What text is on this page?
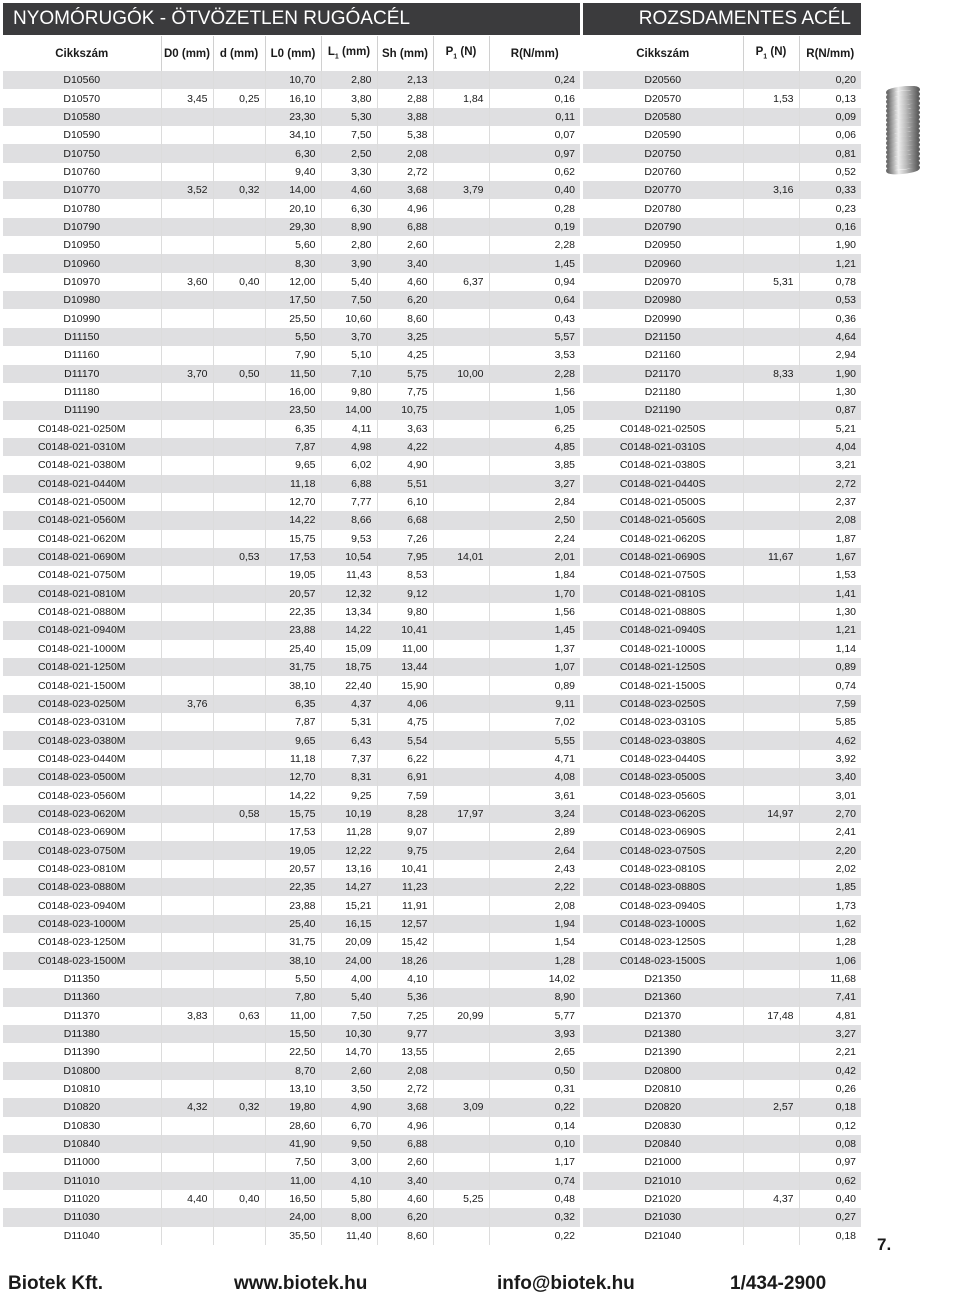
NYOMÓRUGÓK - ÖTVÖZETLEN RUGÓACÉL	ROZSDAMENTES ACÉL
Cikkszám	D0 (mm)	d (mm)	L0 (mm)	$L_1$ (mm)	Sh (mm)	$P_1$ (N)	R(N/mm)
D10560			10,70	2,80	2,13		0,24
D10570	3,45	0,25	16,10	3,80	2,88	1,84	0,16
D10580			23,30	5,30	3,88		0,11
D10590			34,10	7,50	5,38		0,07
D10750			6,30	2,50	2,08		0,97
D10760			9,40	3,30	2,72		0,62
D10770	3,52	0,32	14,00	4,60	3,68	3,79	0,40
D10780			20,10	6,30	4,96		0,28
D10790			29,30	8,90	6,88		0,19
D10950			5,60	2,80	2,60		2,28
D10960			8,30	3,90	3,40		1,45
D10970	3,60	0,40	12,00	5,40	4,60	6,37	0,94
D10980			17,50	7,50	6,20		0,64
D10990			25,50	10,60	8,60		0,43
D11150			5,50	3,70	3,25		5,57
D11160			7,90	5,10	4,25		3,53
D11170	3,70	0,50	11,50	7,10	5,75	10,00	2,28
D11180			16,00	9,80	7,75		1,56
D11190			23,50	14,00	10,75		1,05
C0148-021-0250M			6,35	4,11	3,63		6,25
C0148-021-0310M			7,87	4,98	4,22		4,85
C0148-021-0380M			9,65	6,02	4,90		3,85
C0148-021-0440M			11,18	6,88	5,51		3,27
C0148-021-0500M			12,70	7,77	6,10		2,84
C0148-021-0560M			14,22	8,66	6,68		2,50
C0148-021-0620M			15,75	9,53	7,26		2,24
C0148-021-0690M		0,53	17,53	10,54	7,95	14,01	2,01
C0148-021-0750M			19,05	11,43	8,53		1,84
C0148-021-0810M			20,57	12,32	9,12		1,70
C0148-021-0880M			22,35	13,34	9,80		1,56
C0148-021-0940M			23,88	14,22	10,41		1,45
C0148-021-1000M			25,40	15,09	11,00		1,37
C0148-021-1250M			31,75	18,75	13,44		1,07
C0148-021-1500M			38,10	22,40	15,90		0,89
C0148-023-0250M	3,76		6,35	4,37	4,06		9,11
C0148-023-0310M			7,87	5,31	4,75		7,02
C0148-023-0380M			9,65	6,43	5,54		5,55
C0148-023-0440M			11,18	7,37	6,22		4,71
C0148-023-0500M			12,70	8,31	6,91		4,08
C0148-023-0560M			14,22	9,25	7,59		3,61
C0148-023-0620M		0,58	15,75	10,19	8,28	17,97	3,24
C0148-023-0690M			17,53	11,28	9,07		2,89
C0148-023-0750M			19,05	12,22	9,75		2,64
C0148-023-0810M			20,57	13,16	10,41		2,43
C0148-023-0880M			22,35	14,27	11,23		2,22
C0148-023-0940M			23,88	15,21	11,91		2,08
C0148-023-1000M			25,40	16,15	12,57		1,94
C0148-023-1250M			31,75	20,09	15,42		1,54
C0148-023-1500M			38,10	24,00	18,26		1,28
D11350			5,50	4,00	4,10		14,02
D11360			7,80	5,40	5,36		8,90
D11370	3,83	0,63	11,00	7,50	7,25	20,99	5,77
D11380			15,50	10,30	9,77		3,93
D11390			22,50	14,70	13,55		2,65
D10800			8,70	2,60	2,08		0,50
D10810			13,10	3,50	2,72		0,31
D10820	4,32	0,32	19,80	4,90	3,68	3,09	0,22
D10830			28,60	6,70	4,96		0,14
D10840			41,90	9,50	6,88		0,10
D11000			7,50	3,00	2,60		1,17
D11010			11,00	4,10	3,40		0,74
D11020	4,40	0,40	16,50	5,80	4,60	5,25	0,48
D11030			24,00	8,00	6,20		0,32
D11040			35,50	11,40	8,60		0,22
Cikkszám	$P_1$ (N)	R(N/mm)
D20560		0,20
D20570	1,53	0,13
D20580		0,09
D20590		0,06
D20750		0,81
D20760		0,52
D20770	3,16	0,33
D20780		0,23
D20790		0,16
D20950		1,90
D20960		1,21
D20970	5,31	0,78
D20980		0,53
D20990		0,36
D21150		4,64
D21160		2,94
D21170	8,33	1,90
D21180		1,30
D21190		0,87
C0148-021-0250S		5,21
C0148-021-0310S		4,04
C0148-021-0380S		3,21
C0148-021-0440S		2,72
C0148-021-0500S		2,37
C0148-021-0560S		2,08
C0148-021-0620S		1,87
C0148-021-0690S	11,67	1,67
C0148-021-0750S		1,53
C0148-021-0810S		1,41
C0148-021-0880S		1,30
C0148-021-0940S		1,21
C0148-021-1000S		1,14
C0148-021-1250S		0,89
C0148-021-1500S		0,74
C0148-023-0250S		7,59
C0148-023-0310S		5,85
C0148-023-0380S		4,62
C0148-023-0440S		3,92
C0148-023-0500S		3,40
C0148-023-0560S		3,01
C0148-023-0620S	14,97	2,70
C0148-023-0690S		2,41
C0148-023-0750S		2,20
C0148-023-0810S		2,02
C0148-023-0880S		1,85
C0148-023-0940S		1,73
C0148-023-1000S		1,62
C0148-023-1250S		1,28
C0148-023-1500S		1,06
D21350		11,68
D21360		7,41
D21370	17,48	4,81
D21380		3,27
D21390		2,21
D20800		0,42
D20810		0,26
D20820	2,57	0,18
D20830		0,12
D20840		0,08
D21000		0,97
D21010		0,62
D21020	4,37	0,40
D21030		0,27
D21040		0,18 7.
Biotek Kft.	www.biotek.hu	info@biotek.hu	1/434-2900
